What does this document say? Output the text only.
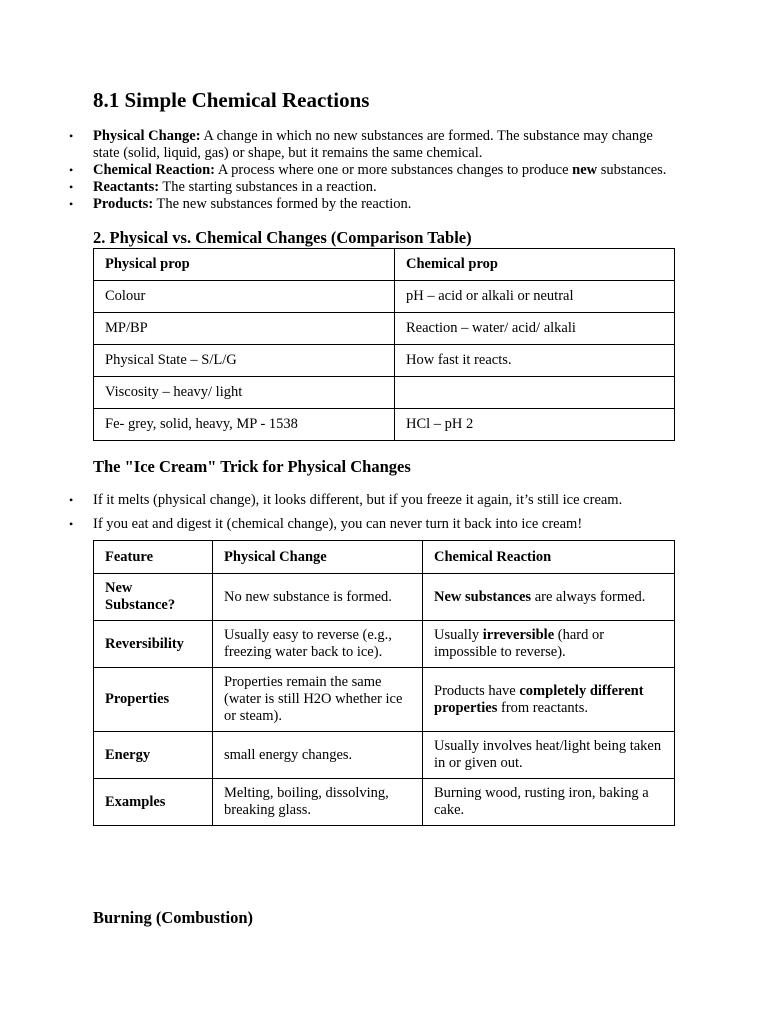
8.1 Simple Chemical Reactions
• Physical Change: A change in which no new substances are formed. The substance may change state (solid, liquid, gas) or shape, but it remains the same chemical.
• Chemical Reaction: A process where one or more substances changes to produce new substances.
• Reactants: The starting substances in a reaction.
• Products: The new substances formed by the reaction.
2. Physical vs. Chemical Changes (Comparison Table)
Physical prop	Chemical prop
Colour	pH – acid or alkali or neutral
MP/BP	Reaction – water/ acid/ alkali
Physical State – S/L/G	How fast it reacts.
Viscosity – heavy/ light	
Fe- grey, solid, heavy, MP - 1538	HCl – pH 2
The "Ice Cream" Trick for Physical Changes
• If it melts (physical change), it looks different, but if you freeze it again, it’s still ice cream.
• If you eat and digest it (chemical change), you can never turn it back into ice cream!
Feature	Physical Change	Chemical Reaction
New Substance?	No new substance is formed.	New substances are always formed.
Reversibility	Usually easy to reverse (e.g., freezing water back to ice).	Usually irreversible (hard or impossible to reverse).
Properties	Properties remain the same (water is still H2O whether ice or steam).	Products have completely different properties from reactants.
Energy	small energy changes.	Usually involves heat/light being taken in or given out.
Examples	Melting, boiling, dissolving, breaking glass.	Burning wood, rusting iron, baking a cake.
Burning (Combustion)
